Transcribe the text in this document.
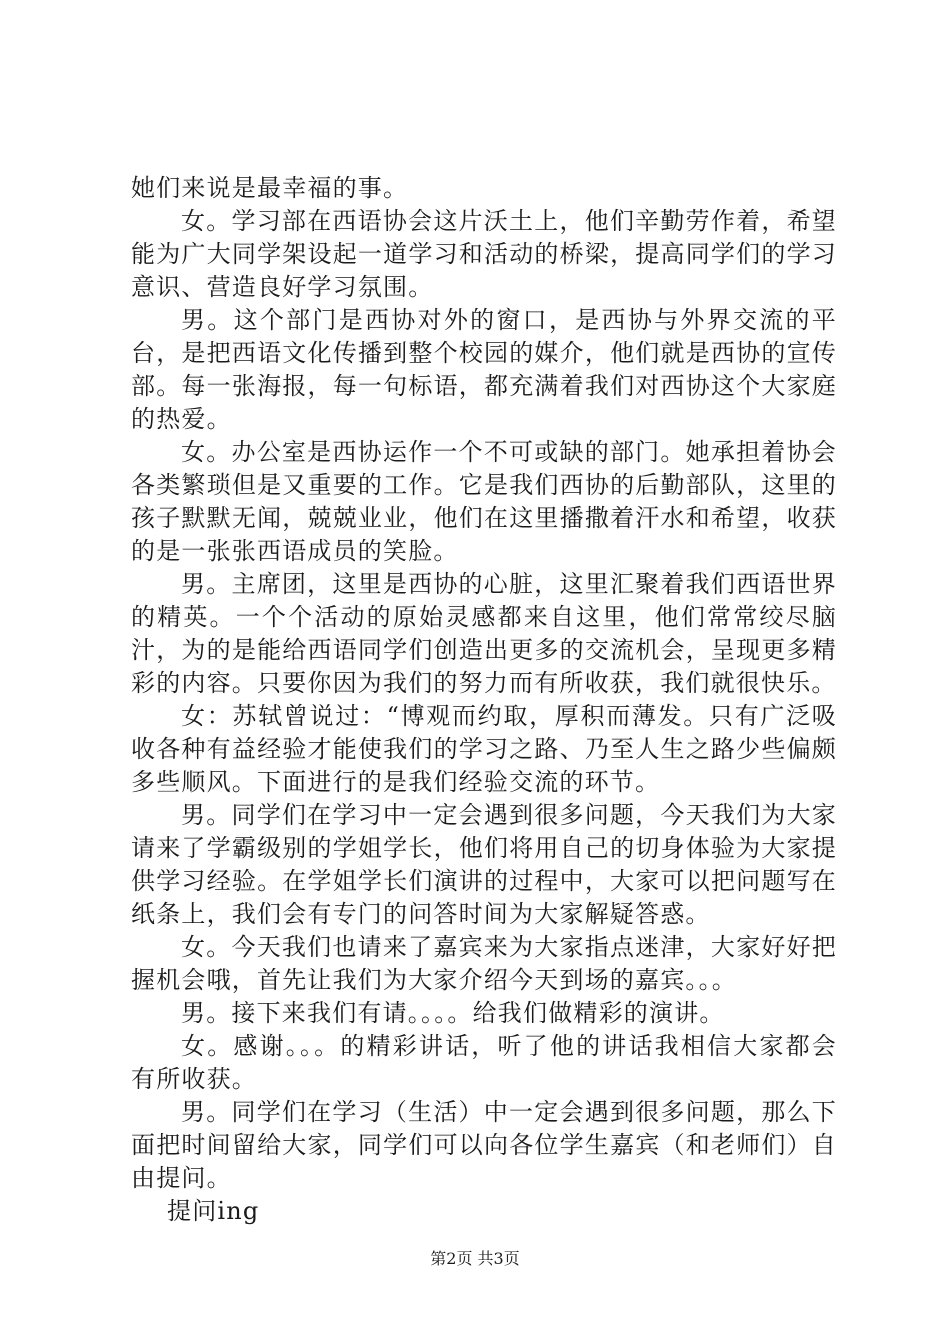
她们来说是最幸福的事。

女。学习部在西语协会这片沃土上，他们辛勤劳作着，希望能为广大同学架设起一道学习和活动的桥梁，提高同学们的学习意识、营造良好学习氛围。

男。这个部门是西协对外的窗口，是西协与外界交流的平台，是把西语文化传播到整个校园的媒介，他们就是西协的宣传部。每一张海报，每一句标语，都充满着我们对西协这个大家庭的热爱。

女。办公室是西协运作一个不可或缺的部门。她承担着协会各类繁琐但是又重要的工作。它是我们西协的后勤部队，这里的孩子默默无闻，兢兢业业，他们在这里播撒着汗水和希望，收获的是一张张西语成员的笑脸。

男。主席团，这里是西协的心脏，这里汇聚着我们西语世界的精英。一个个活动的原始灵感都来自这里，他们常常绞尽脑汁，为的是能给西语同学们创造出更多的交流机会，呈现更多精彩的内容。只要你因为我们的努力而有所收获，我们就很快乐。

女：苏轼曾说过：“博观而约取，厚积而薄发。只有广泛吸收各种有益经验才能使我们的学习之路、乃至人生之路少些偏颇多些顺风。下面进行的是我们经验交流的环节。

男。同学们在学习中一定会遇到很多问题，今天我们为大家请来了学霸级别的学姐学长，他们将用自己的切身体验为大家提供学习经验。在学姐学长们演讲的过程中，大家可以把问题写在纸条上，我们会有专门的问答时间为大家解疑答惑。

女。今天我们也请来了嘉宾来为大家指点迷津，大家好好把握机会哦，首先让我们为大家介绍今天到场的嘉宾。。。

男。接下来我们有请。。。。给我们做精彩的演讲。

女。感谢。。。的精彩讲话，听了他的讲话我相信大家都会有所收获。

男。同学们在学习（生活）中一定会遇到很多问题，那么下面把时间留给大家，同学们可以向各位学生嘉宾（和老师们）自由提问。

提问ing

第2页 共3页
